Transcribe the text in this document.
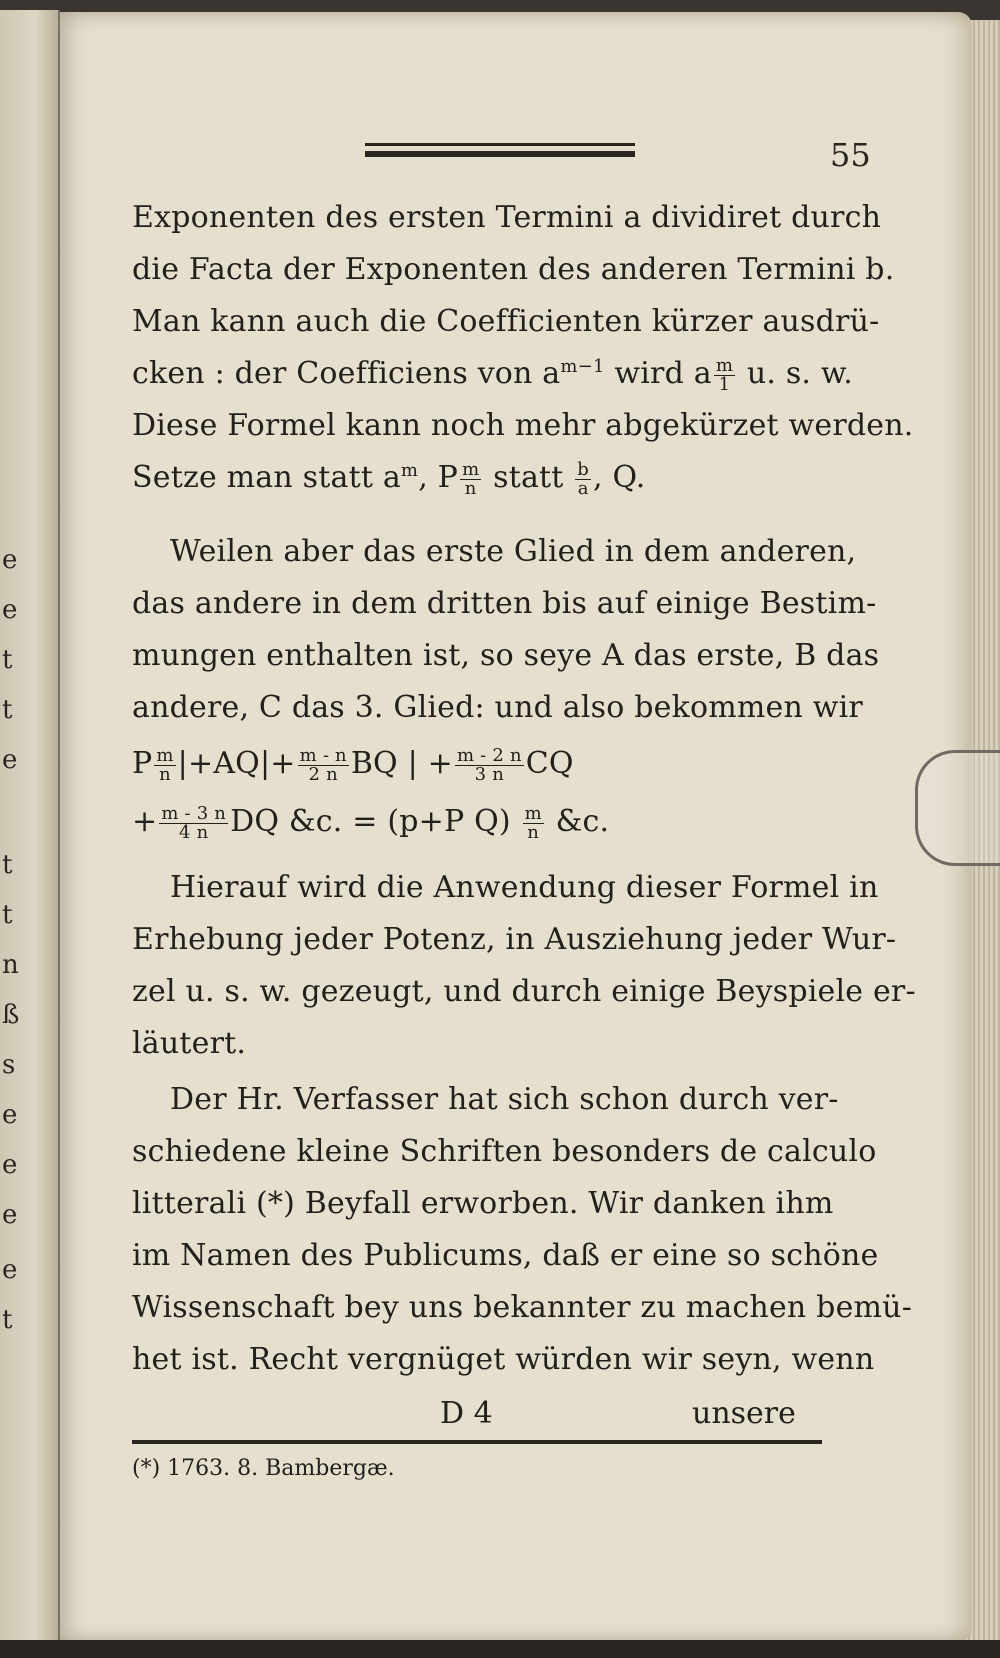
e
e
t
t
e
t
t
n
ß
s
e
e
e
e
t
55
Exponenten des ersten Termini a dividiret durch
die Facta der Exponenten des anderen Termini b.
Man kann auch die Coefficienten kürzer ausdrü-
cken : der Coefficiens von $a^{m-1}$ wird a $\frac{m}{1} u$. s. w.
Diese Formel kann noch mehr abgekürzet werden.
Setze man statt $a^m$, P $\frac{m}{n}$ statt $\frac{b}{a}$ , Q.
Weilen aber das erste Glied in dem anderen,
das andere in dem dritten bis auf einige Bestim-
mungen enthalten ist, so seye A das erste, B das
andere, C das 3. Glied: und also bekommen wir
P $\frac{m}{n} |+AQ|+ \frac{m - n}{2 n}$ BQ | + $\frac{m - 2 n}{3 n}$ CQ
+ $\frac{m - 3 n}{4 n}$ DQ &c. = (p+P $Q) \frac{m}{n}$ &c.
Hierauf wird die Anwendung dieser Formel in
Erhebung jeder Potenz, in Ausziehung jeder Wur-
zel u. s. w. gezeugt, und durch einige Beyspiele er-
läutert.
Der Hr. Verfasser hat sich schon durch ver-
schiedene kleine Schriften besonders de calculo
litterali (*) Beyfall erworben. Wir danken ihm
im Namen des Publicums, daß er eine so schöne
Wissenschaft bey uns bekannter zu machen bemü-
het ist. Recht vergnüget würden wir seyn, wenn
D 4	unsere
(*) 1763. 8. Bambergæ.
